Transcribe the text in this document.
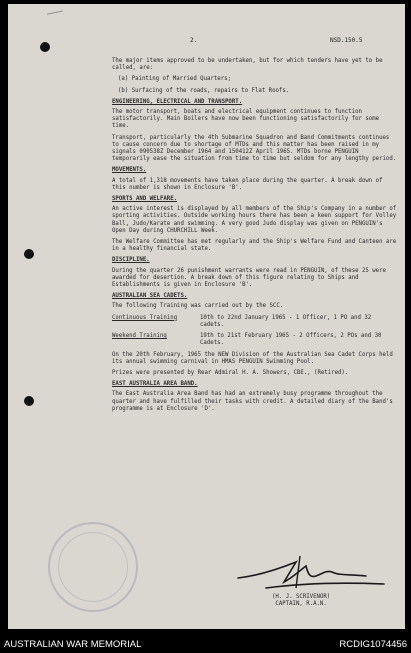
2.	NSD.150.5

The major items approved to be undertaken, but for which tenders have yet to be called, are:

(a) Painting of Married Quarters;

(b) Surfacing of the roads, repairs to Flat Roofs.

ENGINEERING, ELECTRICAL AND TRANSPORT.

The motor transport, boats and electrical equipment continues to function satisfactorily. Main Boilers have now been functioning satisfactorily for some time.

Transport, particularly the 4th Submarine Squadron and Band Commitments continues to cause concern due to shortage of MTDs and this matter has been raised in my signals 090538Z December 1964 and 150412Z April 1965. MTDs borne PENGUIN temporarily ease the situation from time to time but seldom for any lengthy period.

MOVEMENTS.

A total of 1,318 movements have taken place during the quarter. A break down of this number is shown in Enclosure 'B'.

SPORTS AND WELFARE.

An active interest is displayed by all members of the Ship's Company in a number of sporting activities. Outside working hours there has been a keen support for Volley Ball, Judo/Karate and swimming. A very good Judo display was given on PENGUIN's Open Day during CHURCHILL Week.

The Welfare Committee has met regularly and the Ship's Welfare Fund and Canteen are in a healthy financial state.

DISCIPLINE.

During the quarter 26 punishment warrants were read in PENGUIN, of these 25 were awarded for desertion. A break down of this figure relating to Ships and Establishments is given in Enclosure 'B'.

AUSTRALIAN SEA CADETS.

The following Training was carried out by the SCC.

Continuous Training	10th to 22nd January 1965 - 1 Officer, 1 PO and 32 cadets.
Weekend Training	19th to 21st February 1965 - 2 Officers, 2 POs and 30 Cadets.

On the 20th February, 1965 the NEW Division of the Australian Sea Cadet Corps held its annual swimming carnival in HMAS PENGUIN Swimming Pool.

Prizes were presented by Rear Admiral H. A. Showers, CBE., (Retired).

EAST AUSTRALIA AREA BAND.

The East Australia Area Band has had an extremely busy programme throughout the quarter and have fulfilled their tasks with credit. A detailed diary of the Band's programme is at Enclosure 'D'.

(H. J. SCRIVENOR)
CAPTAIN, R.A.N.
AUSTRALIAN WAR MEMORIAL	RCDIG1074456
